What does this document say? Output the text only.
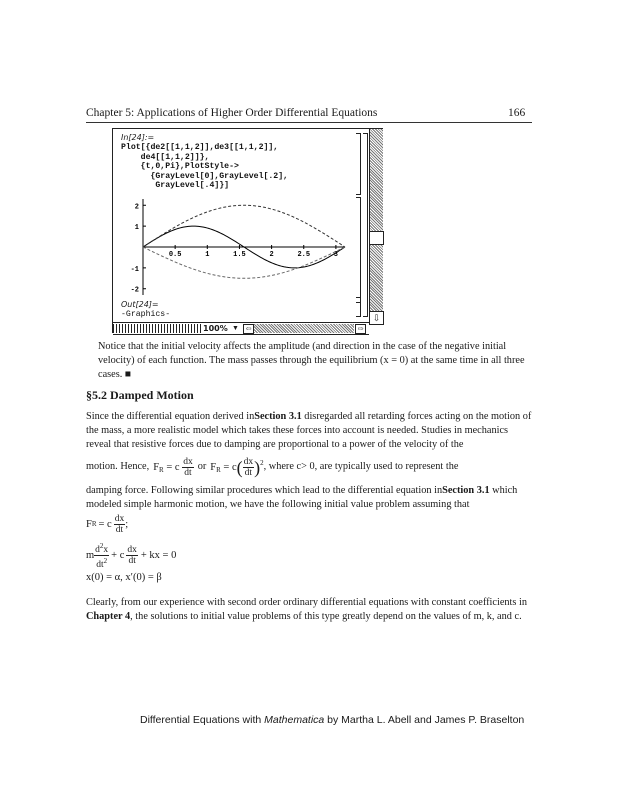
Chapter 5: Applications of Higher Order Differential Equations	166
⇩
In[24]:=
Plot[{de2[[1,1,2]],de3[[1,1,2]],
de4[[1,1,2]]},
{t,0,Pi},PlotStyle->
{GrayLevel[0],GrayLevel[.2],
GrayLevel[.4]}]
0.5	1	1.5	2	2.5	3
2
1
-1
-2
Out[24]=
-Graphics-
100% ▼ ⇦	⇨
Notice that the initial velocity affects the amplitude (and direction in the case of the negative initial velocity) of each function. The mass passes through the equilibrium (x = 0) at the same time in all three cases. ■
§5.2 Damped Motion
Since the differential equation derived inSection 3.1 disregarded all retarding forces acting on the motion of the mass, a more realistic model which takes these forces into account is needed. Studies in mechanics reveal that resistive forces due to damping are proportional to a power of the velocity of the
motion. Hence, $F_R = c \frac{dx}{dt}$ or $F_R = c( \frac{dx}{dt} )^2$ , where c> 0, are typically used to represent the
damping force. Following similar procedures which lead to the differential equation inSection 3.1 which modeled simple harmonic motion, we have the following initial value problem assuming that
F R = c $\frac{dx}{dt}$ ;
m $\frac{d^2x}{dt^2} + c \frac{dx}{dt}$ + kx = 0
x(0) = α, x′(0) = β
Clearly, from our experience with second order ordinary differential equations with constant coefficients in Chapter 4, the solutions to initial value problems of this type greatly depend on the values of m, k, and c.
Differential Equations with Mathematica by Martha L. Abell and James P. Braselton
